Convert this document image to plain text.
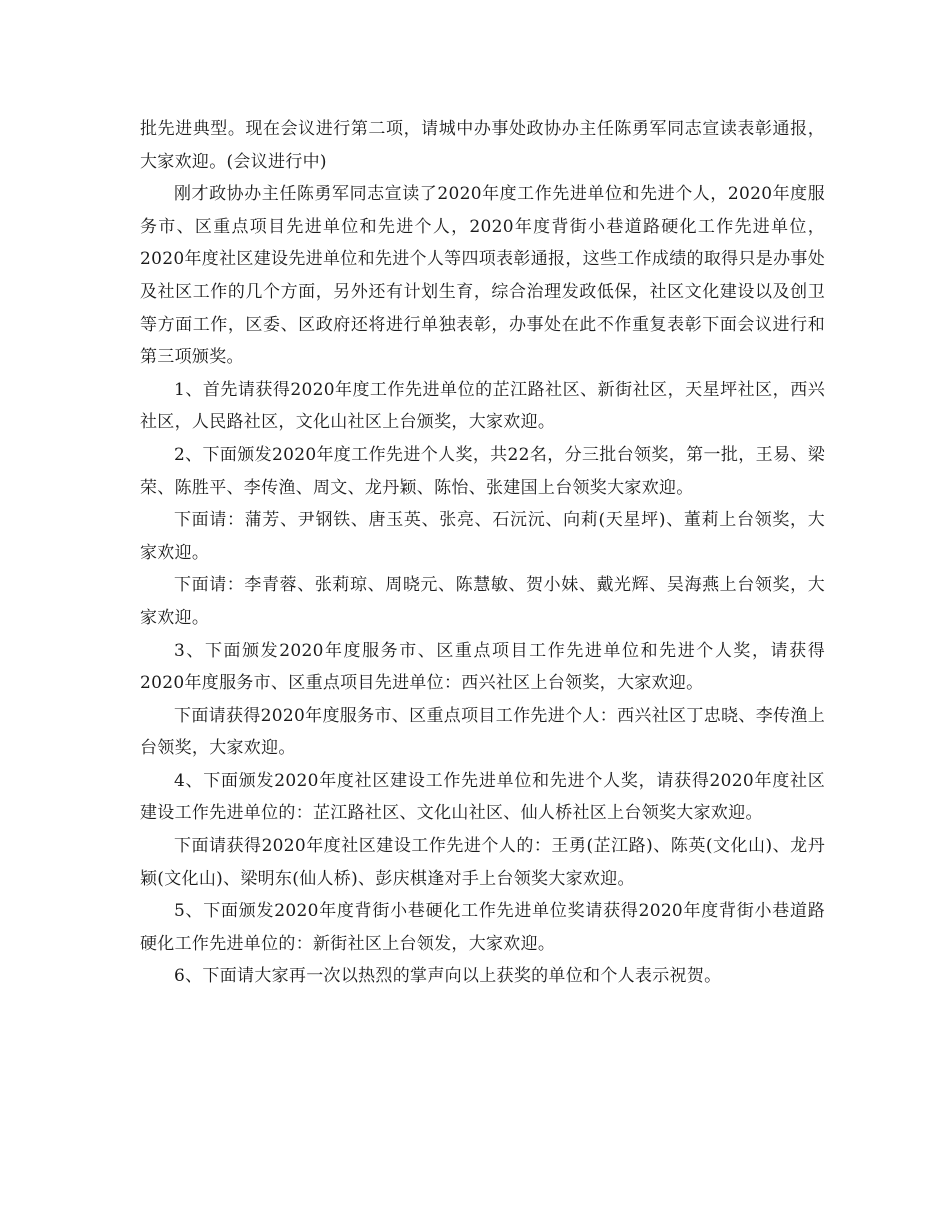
批先进典型。现在会议进行第二项，请城中办事处政协办主任陈勇军同志宣读表彰通报，大家欢迎。(会议进行中)

刚才政协办主任陈勇军同志宣读了2020年度工作先进单位和先进个人，2020年度服务市、区重点项目先进单位和先进个人，2020年度背街小巷道路硬化工作先进单位，2020年度社区建设先进单位和先进个人等四项表彰通报，这些工作成绩的取得只是办事处及社区工作的几个方面，另外还有计划生育，综合治理发政低保，社区文化建设以及创卫等方面工作，区委、区政府还将进行单独表彰，办事处在此不作重复表彰下面会议进行和第三项颁奖。

1、首先请获得2020年度工作先进单位的芷江路社区、新街社区，天星坪社区，西兴社区，人民路社区，文化山社区上台颁奖，大家欢迎。

2、下面颁发2020年度工作先进个人奖，共22名，分三批台领奖，第一批，王易、梁荣、陈胜平、李传渔、周文、龙丹颖、陈怡、张建国上台领奖大家欢迎。

下面请：蒲芳、尹钢铁、唐玉英、张亮、石沅沅、向莉(天星坪)、董莉上台领奖，大家欢迎。

下面请：李青蓉、张莉琼、周晓元、陈慧敏、贺小妹、戴光辉、吴海燕上台领奖，大家欢迎。

3、下面颁发2020年度服务市、区重点项目工作先进单位和先进个人奖，请获得2020年度服务市、区重点项目先进单位：西兴社区上台领奖，大家欢迎。

下面请获得2020年度服务市、区重点项目工作先进个人：西兴社区丁忠晓、李传渔上台领奖，大家欢迎。

4、下面颁发2020年度社区建设工作先进单位和先进个人奖，请获得2020年度社区建设工作先进单位的：芷江路社区、文化山社区、仙人桥社区上台领奖大家欢迎。

下面请获得2020年度社区建设工作先进个人的：王勇(芷江路)、陈英(文化山)、龙丹颖(文化山)、梁明东(仙人桥)、彭庆棋逢对手上台领奖大家欢迎。

5、下面颁发2020年度背街小巷硬化工作先进单位奖请获得2020年度背街小巷道路硬化工作先进单位的：新街社区上台领发，大家欢迎。

6、下面请大家再一次以热烈的掌声向以上获奖的单位和个人表示祝贺。
